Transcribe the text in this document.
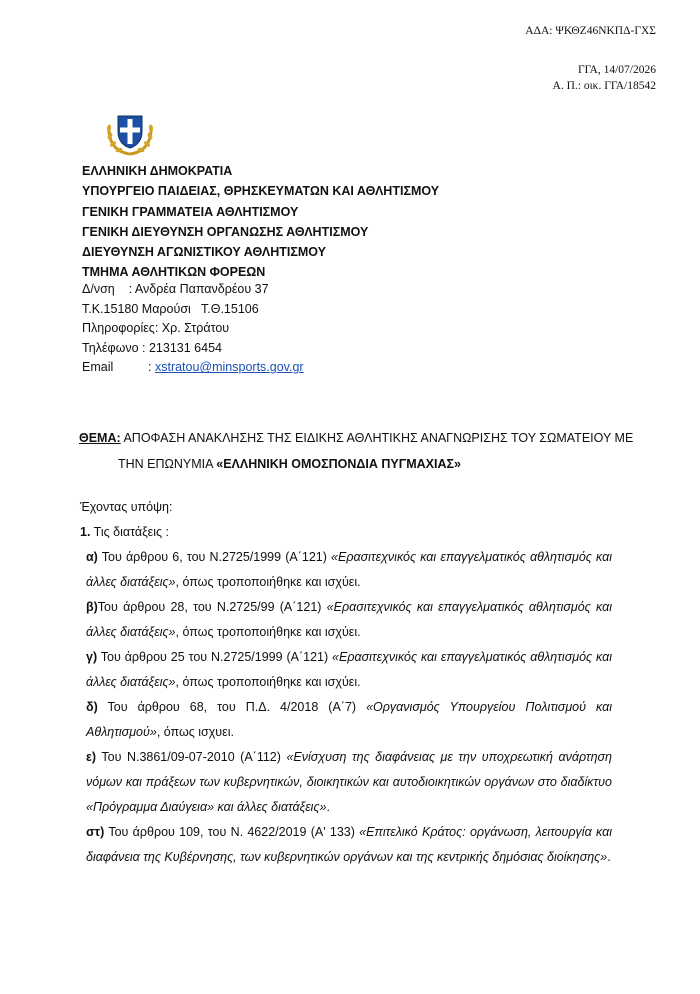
ΑΔΑ: ΨΚΘΖ46ΝΚΠΔ-ΓΧΣ
ΓΓΑ, 14/07/2026
Α. Π.: οικ. ΓΓΑ/18542
ΕΛΛΗΝΙΚΗ ΔΗΜΟΚΡΑΤΙΑ
ΥΠΟΥΡΓΕΙΟ ΠΑΙΔΕΙΑΣ, ΘΡΗΣΚΕΥΜΑΤΩΝ ΚΑΙ ΑΘΛΗΤΙΣΜΟΥ
ΓΕΝΙΚΗ ΓΡΑΜΜΑΤΕΙΑ ΑΘΛΗΤΙΣΜΟΥ
ΓΕΝΙΚΗ ΔΙΕΥΘΥΝΣΗ ΟΡΓΑΝΩΣΗΣ ΑΘΛΗΤΙΣΜΟΥ
ΔΙΕΥΘΥΝΣΗ ΑΓΩΝΙΣΤΙΚΟΥ ΑΘΛΗΤΙΣΜΟΥ
ΤΜΗΜΑ ΑΘΛΗΤΙΚΩΝ ΦΟΡΕΩΝ
Δ/νση    : Ανδρέα Παπανδρέου 37
Τ.Κ.15180 Μαρούσι   Τ.Θ.15106
Πληροφορίες: Χρ. Στράτου
Τηλέφωνο : 213131 6454
Email	: xstratou@minsports.gov.gr
ΘΕΜΑ: ΑΠΟΦΑΣΗ ΑΝΑΚΛΗΣΗΣ ΤΗΣ ΕΙΔΙΚΗΣ ΑΘΛΗΤΙΚΗΣ ΑΝΑΓΝΩΡΙΣΗΣ ΤΟΥ ΣΩΜΑΤΕΙΟΥ ΜΕ
ΤΗΝ ΕΠΩΝΥΜΙΑ «ΕΛΛΗΝΙΚΗ ΟΜΟΣΠΟΝΔΙΑ ΠΥΓΜΑΧΙΑΣ»

Έχοντας υπόψη:

1. Τις διατάξεις :

α) Του άρθρου 6, του Ν.2725/1999 (Α΄121) «Ερασιτεχνικός και επαγγελματικός αθλητισμός και άλλες διατάξεις», όπως τροποποιήθηκε και ισχύει.

β)Του άρθρου 28, του Ν.2725/99 (Α΄121) «Ερασιτεχνικός και επαγγελματικός αθλητισμός και άλλες διατάξεις», όπως τροποποιήθηκε και ισχύει.

γ) Του άρθρου 25 του Ν.2725/1999 (Α΄121) «Ερασιτεχνικός και επαγγελματικός αθλητισμός και άλλες διατάξεις», όπως τροποποιήθηκε και ισχύει.

δ) Του άρθρου 68, του Π.Δ. 4/2018 (Α΄7) «Οργανισμός Υπουργείου Πολιτισμού και Αθλητισμού», όπως ισχυει.

ε) Του Ν.3861/09-07-2010 (Α΄112) «Ενίσχυση της διαφάνειας με την υποχρεωτική ανάρτηση νόμων και πράξεων των κυβερνητικών, διοικητικών και αυτοδιοικητικών οργάνων στο διαδίκτυο «Πρόγραμμα Διαύγεια» και άλλες διατάξεις».

στ) Του άρθρου 109, του Ν. 4622/2019 (Α' 133) «Επιτελικό Κράτος: οργάνωση, λειτουργία και διαφάνεια της Κυβέρνησης, των κυβερνητικών οργάνων και της κεντρικής δημόσιας διοίκησης».
